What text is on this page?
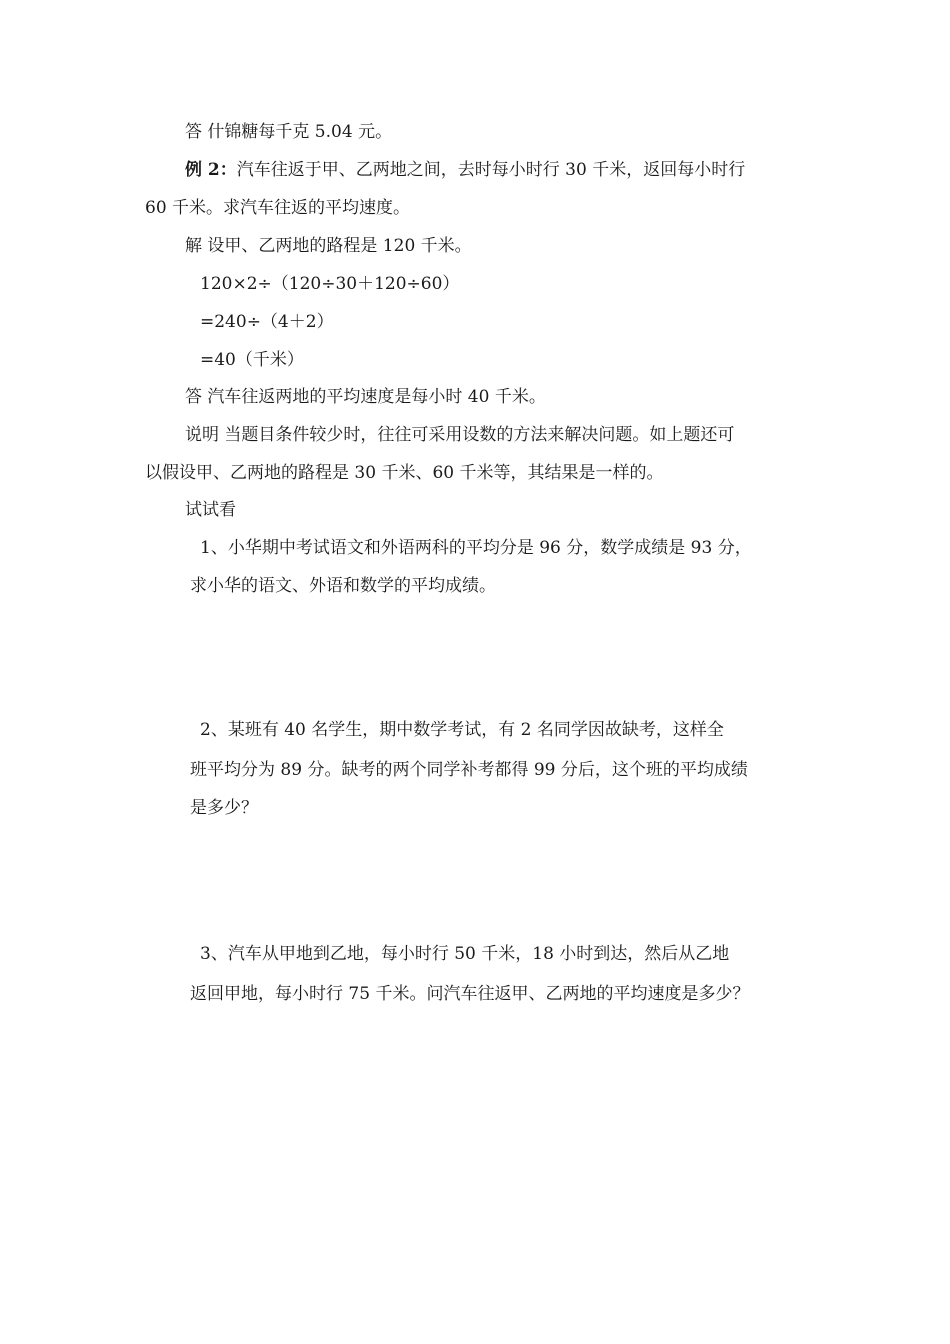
答 什锦糖每千克 5.04 元。
例 2：汽车往返于甲、乙两地之间，去时每小时行 30 千米，返回每小时行
60 千米。求汽车往返的平均速度。
解 设甲、乙两地的路程是 120 千米。
120×2÷（120÷30＋120÷60）
=240÷（4＋2）
=40（千米）
答 汽车往返两地的平均速度是每小时 40 千米。
说明 当题目条件较少时，往往可采用设数的方法来解决问题。如上题还可
以假设甲、乙两地的路程是 30 千米、60 千米等，其结果是一样的。
试试看
1、小华期中考试语文和外语两科的平均分是 96 分，数学成绩是 93 分，
求小华的语文、外语和数学的平均成绩。
2、某班有 40 名学生，期中数学考试，有 2 名同学因故缺考，这样全
班平均分为 89 分。缺考的两个同学补考都得 99 分后，这个班的平均成绩
是多少？
3、汽车从甲地到乙地，每小时行 50 千米，18 小时到达，然后从乙地
返回甲地，每小时行 75 千米。问汽车往返甲、乙两地的平均速度是多少？
